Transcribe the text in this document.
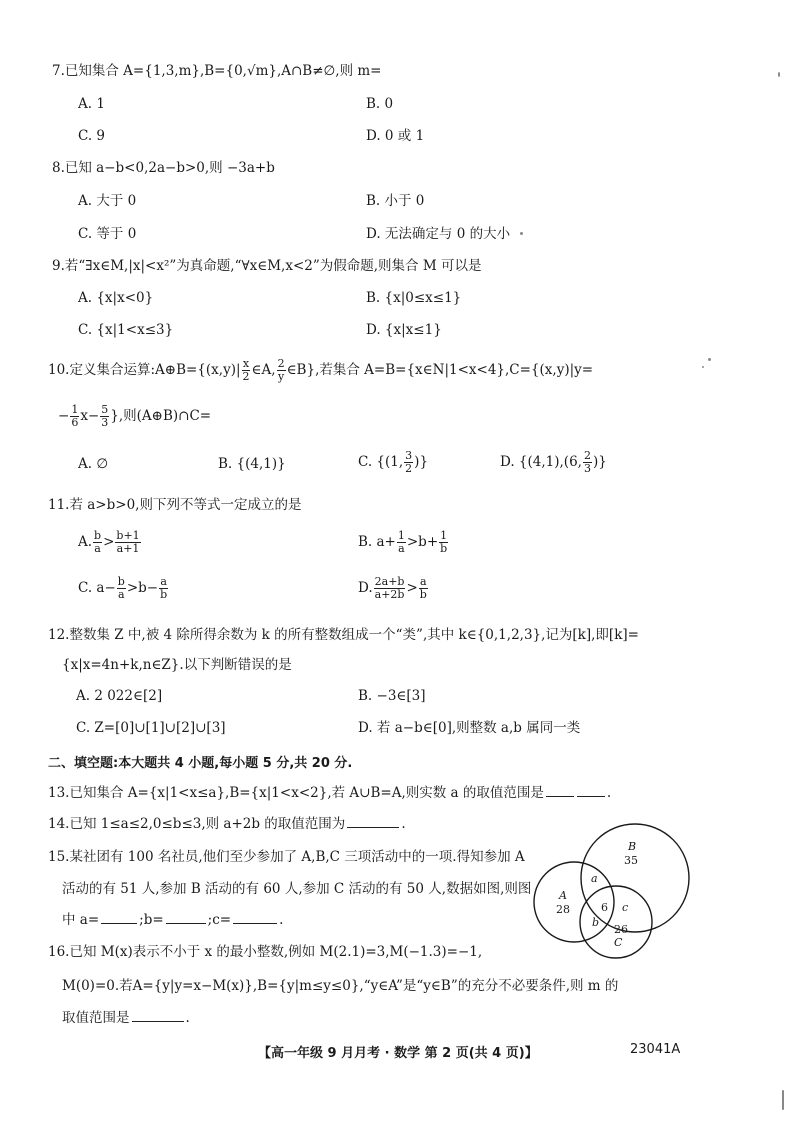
7.已知集合 A={1,3,m},B={0,√m},A∩B≠∅,则 m=
A. 1	B. 0
C. 9	D. 0 或 1
8.已知 a−b<0,2a−b>0,则 −3a+b
A. 大于 0	B. 小于 0
C. 等于 0	D. 无法确定与 0 的大小
9.若“∃x∈M,|x|<x²”为真命题,“∀x∈M,x<2”为假命题,则集合 M 可以是
A. {x|x<0}	B. {x|0≤x≤1}
C. {x|1<x≤3}	D. {x|x≤1}
10.定义集合运算:A⊕B={(x,y)| $\frac{x}{2}$ ∈A, $\frac{2}{y}$ ∈B},若集合 A=B={x∈N|1<x<4},C={(x,y)|y=
− $\frac{1}{6} x- \frac{5}{3}$ },则(A⊕B)∩C=
A. ∅	B. {(4,1)}	C. {(1, $\frac{3}{2}$ )}	D. {(4,1),(6, $\frac{2}{3}$ )}
11.若 a>b>0,则下列不等式一定成立的是
A. $\frac{b}{a} > \frac{b+1}{a+1}$	B. $a+ \frac{1}{a} >b+ \frac{1}{b}$
C. $a- \frac{b}{a} >b- \frac{a}{b}$	D. $\frac{2a+b}{a+2b} > \frac{a}{b}$
12.整数集 Z 中,被 4 除所得余数为 k 的所有整数组成一个“类”,其中 k∈{0,1,2,3},记为[k],即[k]=
{x|x=4n+k,n∈Z}.以下判断错误的是
A. 2 022∈[2]	B. −3∈[3]
C. Z=[0]∪[1]∪[2]∪[3]	D. 若 a−b∈[0],则整数 a,b 属同一类
二、填空题:本大题共 4 小题,每小题 5 分,共 20 分.
13.已知集合 A={x|1<x≤a},B={x|1<x<2},若 A∪B=A,则实数 a 的取值范围是	.
14.已知 1≤a≤2,0≤b≤3,则 a+2b 的取值范围为	.
15.某社团有 100 名社员,他们至少参加了 A,B,C 三项活动中的一项.得知参加 A
活动的有 51 人,参加 B 活动的有 60 人,参加 C 活动的有 50 人,数据如图,则图
中 a=	;b=	;c=	.
B
35
A
28
a
6 c
b
26
C
16.已知 M(x)表示不小于 x 的最小整数,例如 M(2.1)=3,M(−1.3)=−1,
M(0)=0.若A={y|y=x−M(x)},B={y|m≤y≤0},“y∈A”是“y∈B”的充分不必要条件,则 m 的
取值范围是	.
【高一年级 9 月月考 · 数学 第 2 页(共 4 页)】	23041A
